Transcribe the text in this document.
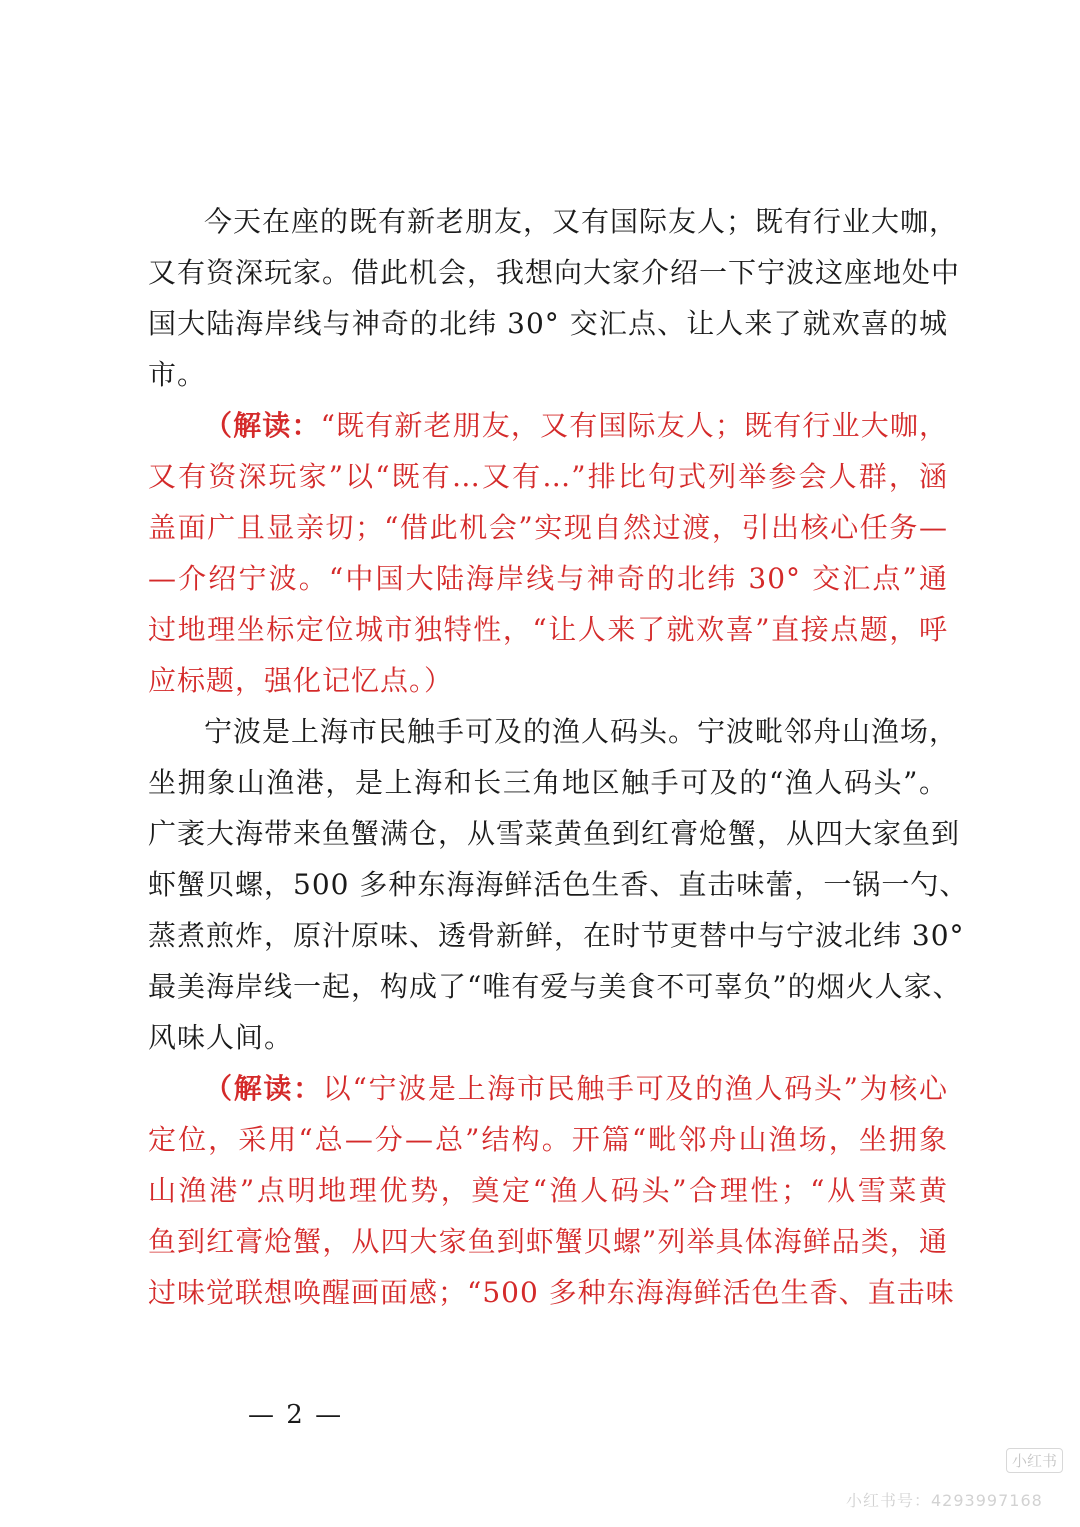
今天在座的既有新老朋友，又有国际友人；既有行业大咖，
又有资深玩家。借此机会，我想向大家介绍一下宁波这座地处中
国大陆海岸线与神奇的北纬 30° 交汇点、让人来了就欢喜的城
市。
（解读：“既有新老朋友，又有国际友人；既有行业大咖，
又有资深玩家”以“既有…又有…”排比句式列举参会人群，涵
盖面广且显亲切；“借此机会”实现自然过渡，引出核心任务—
—介绍宁波。“中国大陆海岸线与神奇的北纬 30° 交汇点”通
过地理坐标定位城市独特性，“让人来了就欢喜”直接点题，呼
应标题，强化记忆点。）
宁波是上海市民触手可及的渔人码头。宁波毗邻舟山渔场，
坐拥象山渔港，是上海和长三角地区触手可及的“渔人码头”。
广袤大海带来鱼蟹满仓，从雪菜黄鱼到红膏炝蟹，从四大家鱼到
虾蟹贝螺，500 多种东海海鲜活色生香、直击味蕾，一锅一勺、
蒸煮煎炸，原汁原味、透骨新鲜，在时节更替中与宁波北纬 30°
最美海岸线一起，构成了“唯有爱与美食不可辜负”的烟火人家、
风味人间。
（解读：以“宁波是上海市民触手可及的渔人码头”为核心
定位，采用“总—分—总”结构。开篇“毗邻舟山渔场，坐拥象
山渔港”点明地理优势，奠定“渔人码头”合理性；“从雪菜黄
鱼到红膏炝蟹，从四大家鱼到虾蟹贝螺”列举具体海鲜品类，通
过味觉联想唤醒画面感；“500 多种东海海鲜活色生香、直击味
— 2 —
小红书
小红书号：4293997168
